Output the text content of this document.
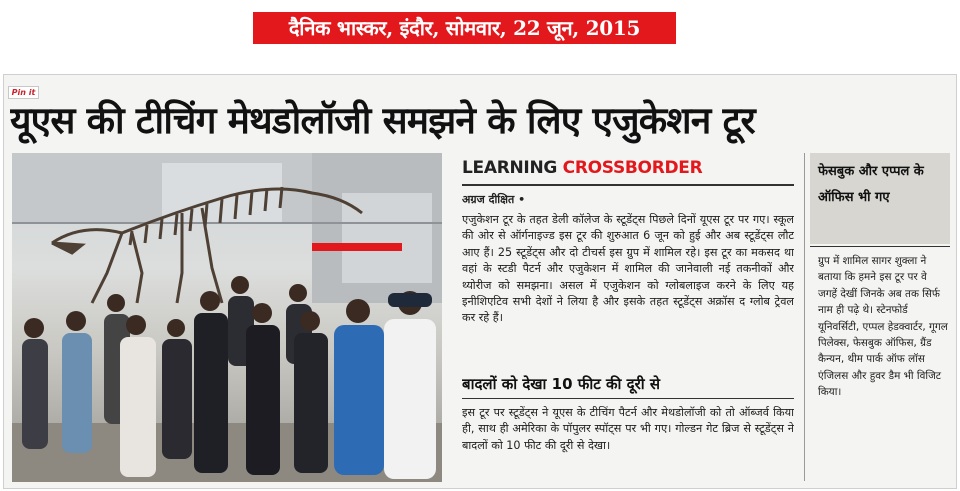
दैनिक भास्कर, इंदौर, सोमवार, 22 जून, 2015
Pin it
यूएस की टीचिंग मेथडोलॉजी समझने के लिए एजुकेशन टूर
LEARNING CROSSBORDER
अग्रज दीक्षित •

एजुकेशन टूर के तहत डेली कॉलेज के स्टूडेंट्स पिछले दिनों यूएस टूर पर गए। स्कूल की ओर से ऑर्गनाइज्ड इस टूर की शुरुआत 6 जून को हुई और अब स्टूडेंट्स लौट आए हैं। 25 स्टूडेंट्स और दो टीचर्स इस ग्रुप में शामिल रहे। इस टूर का मकसद था वहां के स्टडी पैटर्न और एजुकेशन में शामिल की जानेवाली नई तकनीकों और थ्योरीज को समझना। असल में एजुकेशन को ग्लोबलाइज करने के लिए यह इनीशिएटिव सभी देशों ने लिया है और इसके तहत स्टूडेंट्स अक्रॉस द ग्लोब ट्रेवल कर रहे हैं।

बादलों को देखा 10 फीट की दूरी से

इस टूर पर स्टूडेंट्स ने यूएस के टीचिंग पैटर्न और मेथडोलॉजी को तो ऑब्जर्व किया ही, साथ ही अमेरिका के पॉपुलर स्पॉट्स पर भी गए। गोल्डन गेट ब्रिज से स्टूडेंट्स ने बादलों को 10 फीट की दूरी से देखा।

फेसबुक और एप्पल के ऑफिस भी गए

ग्रुप में शामिल सागर शुक्ला ने बताया कि हमने इस टूर पर वे जगहें देखीं जिनके अब तक सिर्फ नाम ही पढ़े थे। स्टेनफोर्ड यूनिवर्सिटी, एप्पल हेडक्वार्टर, गूगल पिलेक्स, फेसबुक ऑफिस, ग्रैंड कैन्यन, थीम पार्क ऑफ लॉस एंजिलस और हुवर डैम भी विजिट किया।
